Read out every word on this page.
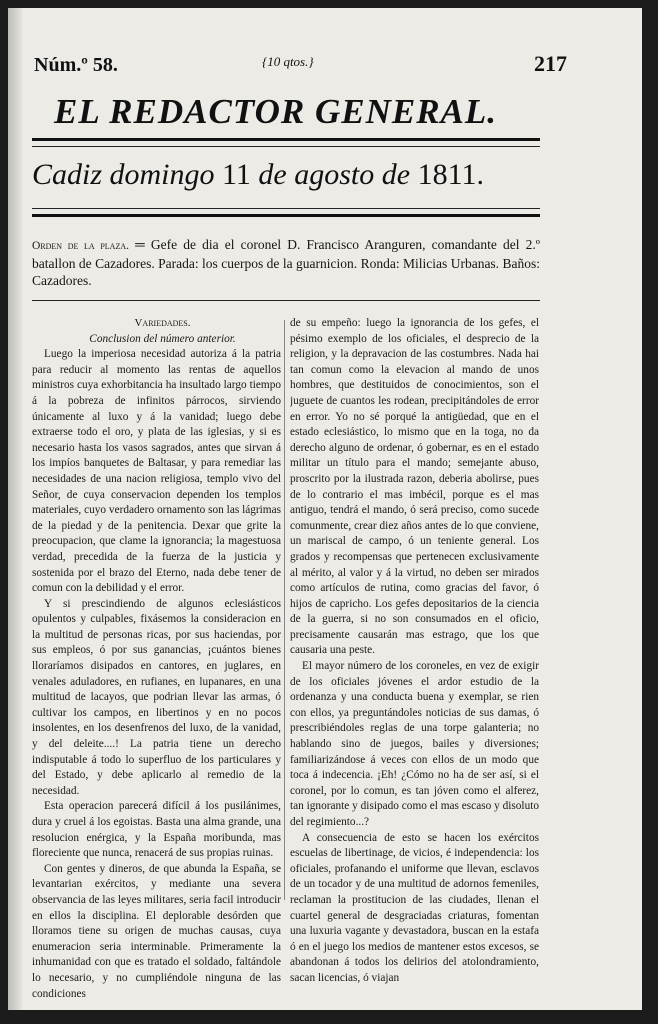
Núm.º 58.	{10 qtos.}	217
EL REDACTOR GENERAL.
Cadiz domingo 11 de agosto de 1811.
Orden de la plaza. ═ Gefe de dia el coronel D. Francisco Aranguren, comandante del 2.º batallon de Cazadores. Parada: los cuerpos de la guarnicion. Ronda: Milicias Urbanas. Baños: Cazadores.

Variedades.

Conclusion del número anterior.

Luego la imperiosa necesidad autoriza á la patria para reducir al momento las rentas de aquellos ministros cuya exhorbitancia ha insultado largo tiempo á la pobreza de infinitos párrocos, sirviendo únicamente al luxo y á la vanidad; luego debe extraerse todo el oro, y plata de las iglesias, y si es necesario hasta los vasos sagrados, antes que sirvan á los impíos banquetes de Baltasar, y para remediar las necesidades de una nacion religiosa, templo vivo del Señor, de cuya conservacion dependen los templos materiales, cuyo verdadero ornamento son las lágrimas de la piedad y de la penitencia. Dexar que grite la preocupacion, que clame la ignorancia; la magestuosa verdad, precedida de la fuerza de la justicia y sostenida por el brazo del Eterno, nada debe tener de comun con la debilidad y el error.

Y si prescindiendo de algunos eclesiásticos opulentos y culpables, fixásemos la consideracion en la multitud de personas ricas, por sus haciendas, por sus empleos, ó por sus ganancias, ¡cuántos bienes lloraríamos disipados en cantores, en juglares, en venales aduladores, en rufianes, en lupanares, en una multitud de lacayos, que podrian llevar las armas, ó cultivar los campos, en libertinos y en no pocos insolentes, en los desenfrenos del luxo, de la vanidad, y del deleite....! La patria tiene un derecho indisputable á todo lo superfluo de los particulares y del Estado, y debe aplicarlo al remedio de la necesidad.

Esta operacion parecerá difícil á los pusilánimes, dura y cruel á los egoistas. Basta una alma grande, una resolucion enérgica, y la España moribunda, mas floreciente que nunca, renacerá de sus propias ruinas.

Con gentes y dineros, de que abunda la España, se levantarian exércitos, y mediante una severa observancia de las leyes militares, seria facil introducir en ellos la disciplina. El deplorable desórden que lloramos tiene su origen de muchas causas, cuya enumeracion seria interminable. Primeramente la inhumanidad con que es tratado el soldado, faltándole lo necesario, y no cumpliéndole ninguna de las condiciones

de su empeño: luego la ignorancia de los gefes, el pésimo exemplo de los oficiales, el desprecio de la religion, y la depravacion de las costumbres. Nada hai tan comun como la elevacion al mando de unos hombres, que destituidos de conocimientos, son el juguete de cuantos les rodean, precipitándoles de error en error. Yo no sé porqué la antigüedad, que en el estado eclesiástico, lo mismo que en la toga, no da derecho alguno de ordenar, ó gobernar, es en el estado militar un título para el mando; semejante abuso, proscrito por la ilustrada razon, deberia abolirse, pues de lo contrario el mas imbécil, porque es el mas antiguo, tendrá el mando, ó será preciso, como sucede comunmente, crear diez años antes de lo que conviene, un mariscal de campo, ó un teniente general. Los grados y recompensas que pertenecen exclusivamente al mérito, al valor y á la virtud, no deben ser mirados como artículos de rutina, como gracias del favor, ó hijos de capricho. Los gefes depositarios de la ciencia de la guerra, si no son consumados en el oficio, precisamente causarán mas estrago, que los que causaria una peste.

El mayor número de los coroneles, en vez de exigir de los oficiales jóvenes el ardor estudio de la ordenanza y una conducta buena y exemplar, se rien con ellos, ya preguntándoles noticias de sus damas, ó prescribiéndoles reglas de una torpe galanteria; no hablando sino de juegos, bailes y diversiones; familiarizándose á veces con ellos de un modo que toca á indecencia. ¡Eh! ¿Cómo no ha de ser así, si el coronel, por lo comun, es tan jóven como el alferez, tan ignorante y disipado como el mas escaso y disoluto del regimiento...?

A consecuencia de esto se hacen los exércitos escuelas de libertinage, de vicios, é independencia: los oficiales, profanando el uniforme que llevan, esclavos de un tocador y de una multitud de adornos femeniles, reclaman la prostitucion de las ciudades, llenan el cuartel general de desgraciadas criaturas, fomentan una luxuria vagante y devastadora, buscan en la estafa ó en el juego los medios de mantener estos excesos, se abandonan á todos los delirios del atolondramiento, sacan licencias, ó viajan
